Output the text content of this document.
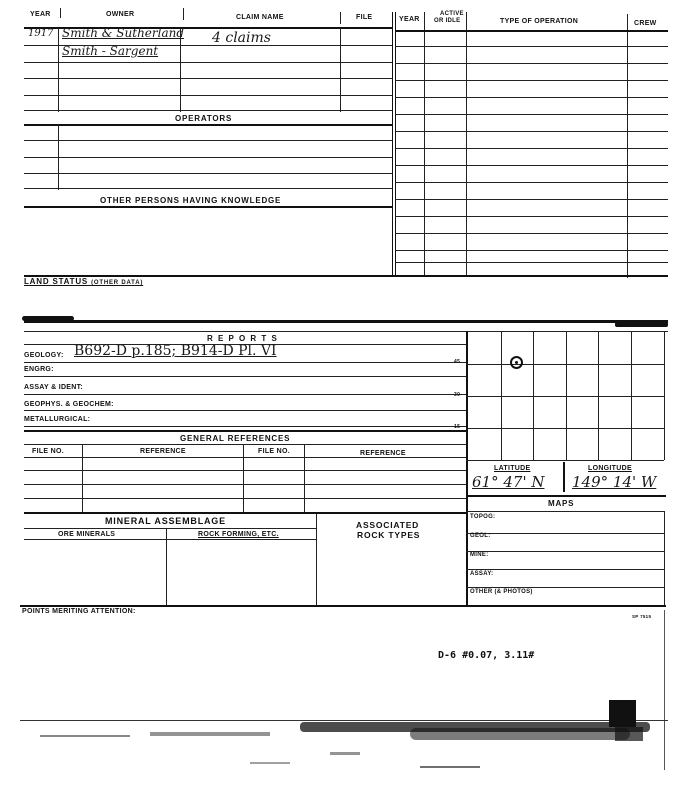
YEAR	OWNER	CLAIM NAME	FILE	YEAR
ACTIVE
OR IDLE	TYPE OF OPERATION	CREW
1917 Smith & Sutherland 4 claims
Smith - Sargent
OPERATORS
OTHER PERSONS HAVING KNOWLEDGE
LAND STATUS (OTHER DATA)
R E P O R T S
GEOLOGY: B692-D p.185; B914-D Pl. VI
ENGRG:
ASSAY & IDENT:
GEOPHYS. & GEOCHEM:
METALLURGICAL:
45
30
15
LATITUDE	LONGITUDE
61° 47' N 149° 14' W
GENERAL REFERENCES
FILE NO.	REFERENCE	FILE NO.	REFERENCE
MAPS
TOPOG:
GEOL:
MINE:
ASSAY:
OTHER (& PHOTOS)
MINERAL ASSEMBLAGE
ORE MINERALS	ROCK FORMING, ETC.
ASSOCIATED
ROCK TYPES
POINTS MERITING ATTENTION:
SP 7515
D-6 #0.07, 3.11#
